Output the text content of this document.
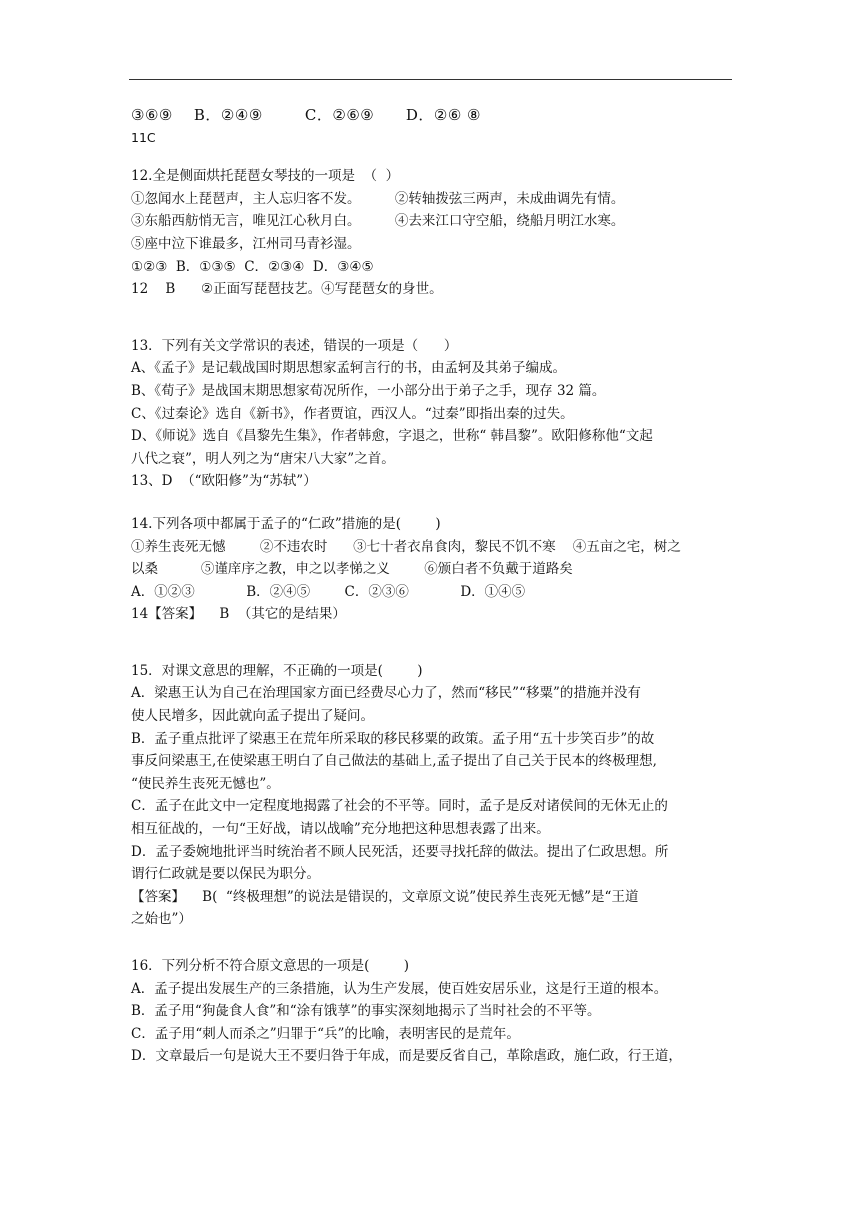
③⑥⑨    B．②④⑨        C．②⑥⑨      D．②⑥ ⑧
11C
12.全是侧面烘托琵琶女琴技的一项是  （  ）
①忽闻水上琵琶声，主人忘归客不发。        ②转轴拨弦三两声，未成曲调先有情。
③东船西舫悄无言，唯见江心秋月白。        ④去来江口守空船，绕船月明江水寒。
⑤座中泣下谁最多，江州司马青衫湿。
①②③  B．①③⑤  C．②③④  D．③④⑤
12    B      ②正面写琵琶技艺。④写琵琶女的身世。
13．下列有关文学常识的表述，错误的一项是（      ）
A、《孟子》是记载战国时期思想家孟轲言行的书，由孟轲及其弟子编成。
B、《荀子》是战国末期思想家荀况所作，一小部分出于弟子之手，现存 32 篇。
C、《过秦论》选自《新书》，作者贾谊，西汉人。“过秦”即指出秦的过失。
D、《师说》选自《昌黎先生集》，作者韩愈，字退之，世称“ 韩昌黎”。欧阳修称他“文起
八代之衰”，明人列之为“唐宋八大家”之首。
13、D  （“欧阳修”为“苏轼”）
14.下列各项中都属于孟子的“仁政”措施的是(        )
①养生丧死无憾        ②不违农时      ③七十者衣帛食肉，黎民不饥不寒    ④五亩之宅，树之
以桑          ⑤谨庠序之教，申之以孝悌之义        ⑥颁白者不负戴于道路矣
A．①②③            B．②④⑤        C．②③⑥            D．①④⑤
14【答案】    B  （其它的是结果）
15．对课文意思的理解，不正确的一项是(        )
A．梁惠王认为自己在治理国家方面已经费尽心力了，然而“移民”“移粟”的措施并没有
使人民增多，因此就向孟子提出了疑问。
B．孟子重点批评了梁惠王在荒年所采取的移民移粟的政策。孟子用“五十步笑百步”的故
事反问梁惠王,在使梁惠王明白了自己做法的基础上,孟子提出了自己关于民本的终极理想,
“使民养生丧死无憾也”。
C．孟子在此文中一定程度地揭露了社会的不平等。同时，孟子是反对诸侯间的无休无止的
相互征战的，一句“王好战，请以战喻”充分地把这种思想表露了出来。
D．孟子委婉地批评当时统治者不顾人民死活，还要寻找托辞的做法。提出了仁政思想。所
谓行仁政就是要以保民为职分。
【答案】    B(  “终极理想”的说法是错误的，文章原文说”使民养生丧死无憾”是“王道
之始也”）
16．下列分析不符合原文意思的一项是(        )
A．孟子提出发展生产的三条措施，认为生产发展，使百姓安居乐业，这是行王道的根本。
B．孟子用“狗彘食人食”和“涂有饿莩”的事实深刻地揭示了当时社会的不平等。
C．孟子用“刺人而杀之”归罪于“兵”的比喻，表明害民的是荒年。
D．文章最后一句是说大王不要归咎于年成，而是要反省自己，革除虐政，施仁政，行王道，
